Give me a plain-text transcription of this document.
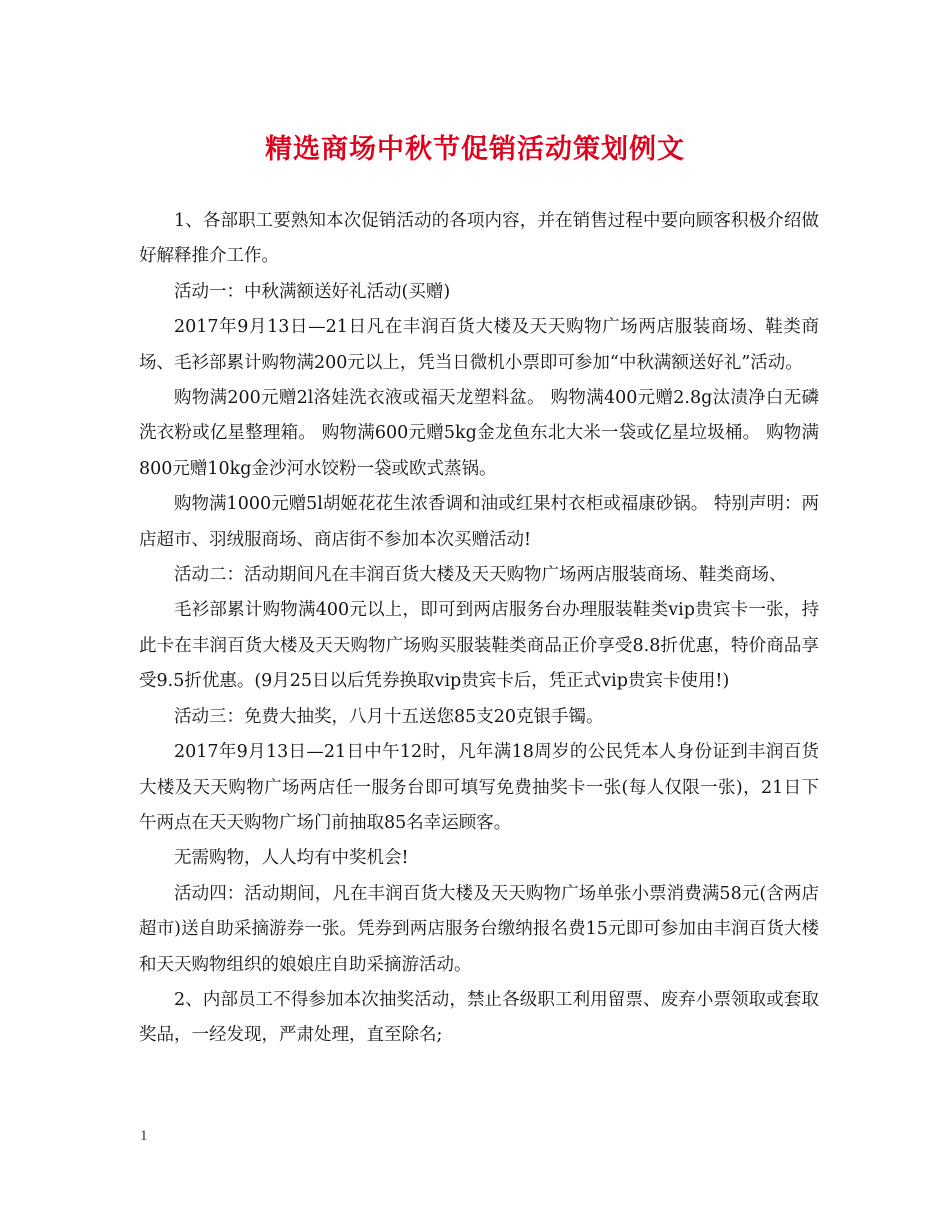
精选商场中秋节促销活动策划例文

1、各部职工要熟知本次促销活动的各项内容，并在销售过程中要向顾客积极介绍做好解释推介工作。

活动一：中秋满额送好礼活动(买赠)

2017年9月13日—21日凡在丰润百货大楼及天天购物广场两店服装商场、鞋类商场、毛衫部累计购物满200元以上，凭当日微机小票即可参加“中秋满额送好礼”活动。

购物满200元赠2l洛娃洗衣液或福天龙塑料盆。 购物满400元赠2.8g汰渍净白无磷洗衣粉或亿星整理箱。 购物满600元赠5kg金龙鱼东北大米一袋或亿星垃圾桶。 购物满800元赠10kg金沙河水饺粉一袋或欧式蒸锅。

购物满1000元赠5l胡姬花花生浓香调和油或红果村衣柜或福康砂锅。 特别声明：两店超市、羽绒服商场、商店街不参加本次买赠活动!

活动二：活动期间凡在丰润百货大楼及天天购物广场两店服装商场、鞋类商场、

毛衫部累计购物满400元以上，即可到两店服务台办理服装鞋类vip贵宾卡一张，持此卡在丰润百货大楼及天天购物广场购买服装鞋类商品正价享受8.8折优惠，特价商品享受9.5折优惠。(9月25日以后凭券换取vip贵宾卡后，凭正式vip贵宾卡使用!)

活动三：免费大抽奖，八月十五送您85支20克银手镯。

2017年9月13日—21日中午12时，凡年满18周岁的公民凭本人身份证到丰润百货大楼及天天购物广场两店任一服务台即可填写免费抽奖卡一张(每人仅限一张)，21日下午两点在天天购物广场门前抽取85名幸运顾客。

无需购物，人人均有中奖机会!

活动四：活动期间，凡在丰润百货大楼及天天购物广场单张小票消费满58元(含两店超市)送自助采摘游券一张。凭券到两店服务台缴纳报名费15元即可参加由丰润百货大楼和天天购物组织的娘娘庄自助采摘游活动。

2、内部员工不得参加本次抽奖活动，禁止各级职工利用留票、废弃小票领取或套取奖品，一经发现，严肃处理，直至除名;

1
